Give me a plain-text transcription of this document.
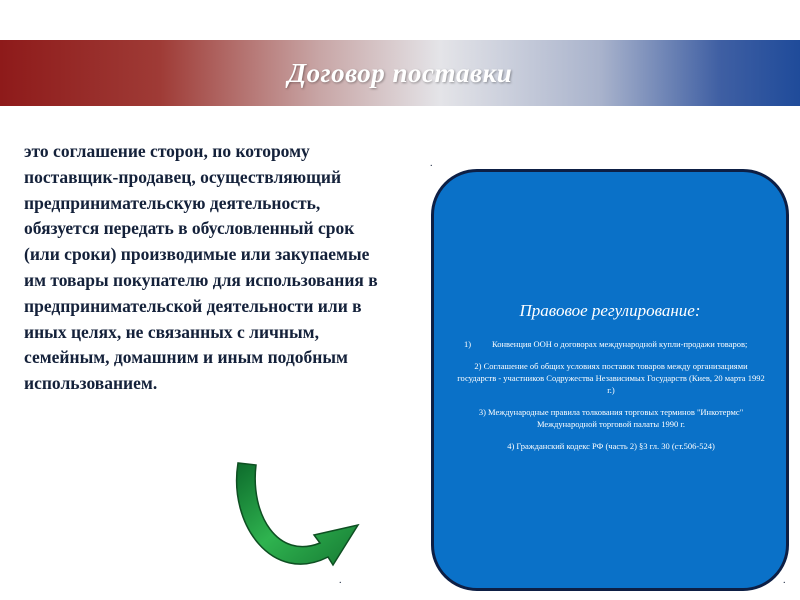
Договор поставки
это соглашение сторон, по которому поставщик-продавец, осуществляющий предпринимательскую деятельность, обязуется передать в обусловленный срок (или сроки) производимые или закупаемые им товары покупателю для использования в предпринимательской деятельности или в иных целях, не связанных с личным, семейным, домашним и иным подобным использованием.
.
.	.
Правовое регулирование:
1)	Конвенция ООН о договорах международной купли-продажи товаров;
2) Соглашение об общих условиях поставок товаров между организациями государств - участников Содружества Независимых Государств (Киев, 20 марта 1992 г.)
3) Международные правила толкования торговых терминов "Инкотермс" Международной торговой палаты 1990 г.
4) Гражданский кодекс РФ (часть 2) §3 гл. 30 (ст.506-524)
